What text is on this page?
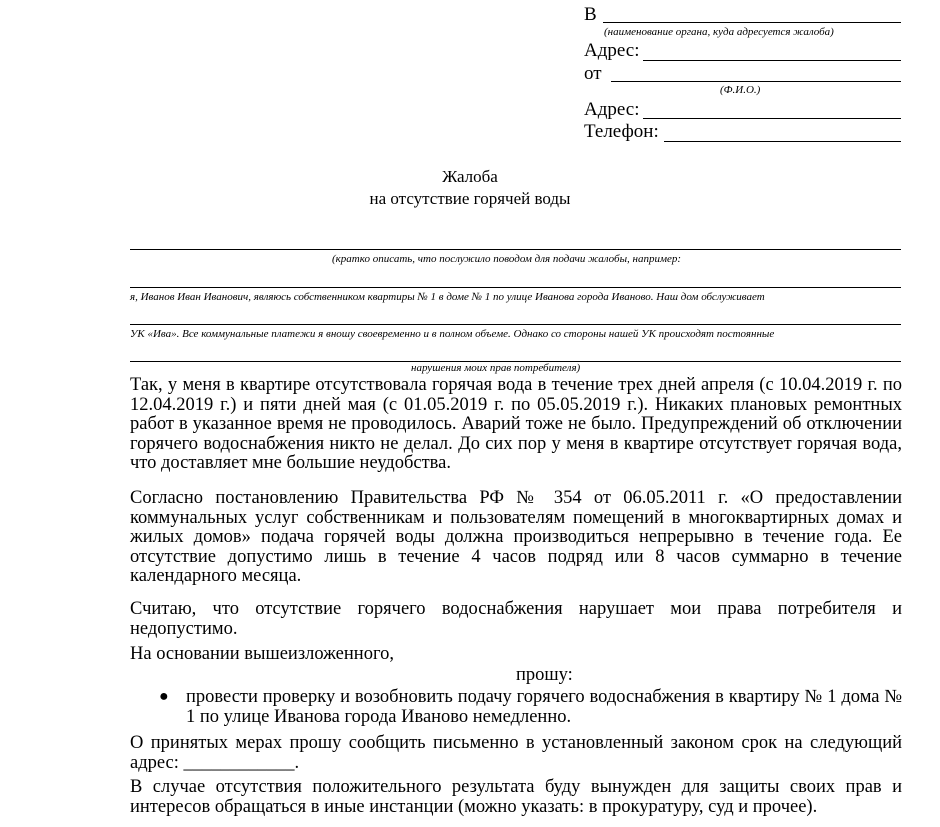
В
(наименование органа, куда адресуется жалоба)
Адрес:
от
(Ф.И.О.)
Адрес:
Телефон:
Жалоба
на отсутствие горячей воды
(кратко описать, что послужило поводом для подачи жалобы, например:
я, Иванов Иван Иванович, являюсь собственником квартиры № 1 в доме № 1 по улице Иванова города Иваново. Наш дом обслуживает
УК «Ива». Все коммунальные платежи я вношу своевременно и в полном объеме. Однако со стороны нашей УК происходят постоянные
нарушения моих прав потребителя)
Так, у меня в квартире отсутствовала горячая вода в течение трех дней апреля (с 10.04.2019 г. по 12.04.2019 г.) и пяти дней мая (с 01.05.2019 г. по 05.05.2019 г.). Никаких плановых ремонтных работ в указанное время не проводилось. Аварий тоже не было. Предупреждений об отключении горячего водоснабжения никто не делал. До сих пор у меня в квартире отсутствует горячая вода, что доставляет мне большие неудобства.
Согласно постановлению Правительства РФ № 354 от 06.05.2011 г. «О предоставлении коммунальных услуг собственникам и пользователям помещений в многоквартирных домах и жилых домов» подача горячей воды должна производиться непрерывно в течение года. Ее отсутствие допустимо лишь в течение 4 часов подряд или 8 часов суммарно в течение календарного месяца.
Считаю, что отсутствие горячего водоснабжения нарушает мои права потребителя и недопустимо.
На основании вышеизложенного,
прошу:
● провести проверку и возобновить подачу горячего водоснабжения в квартиру № 1 дома № 1 по улице Иванова города Иваново немедленно.
О принятых мерах прошу сообщить письменно в установленный законом срок на следующий
адрес: ____________.
В случае отсутствия положительного результата буду вынужден для защиты своих прав и интересов обращаться в иные инстанции (можно указать: в прокуратуру, суд и прочее).
